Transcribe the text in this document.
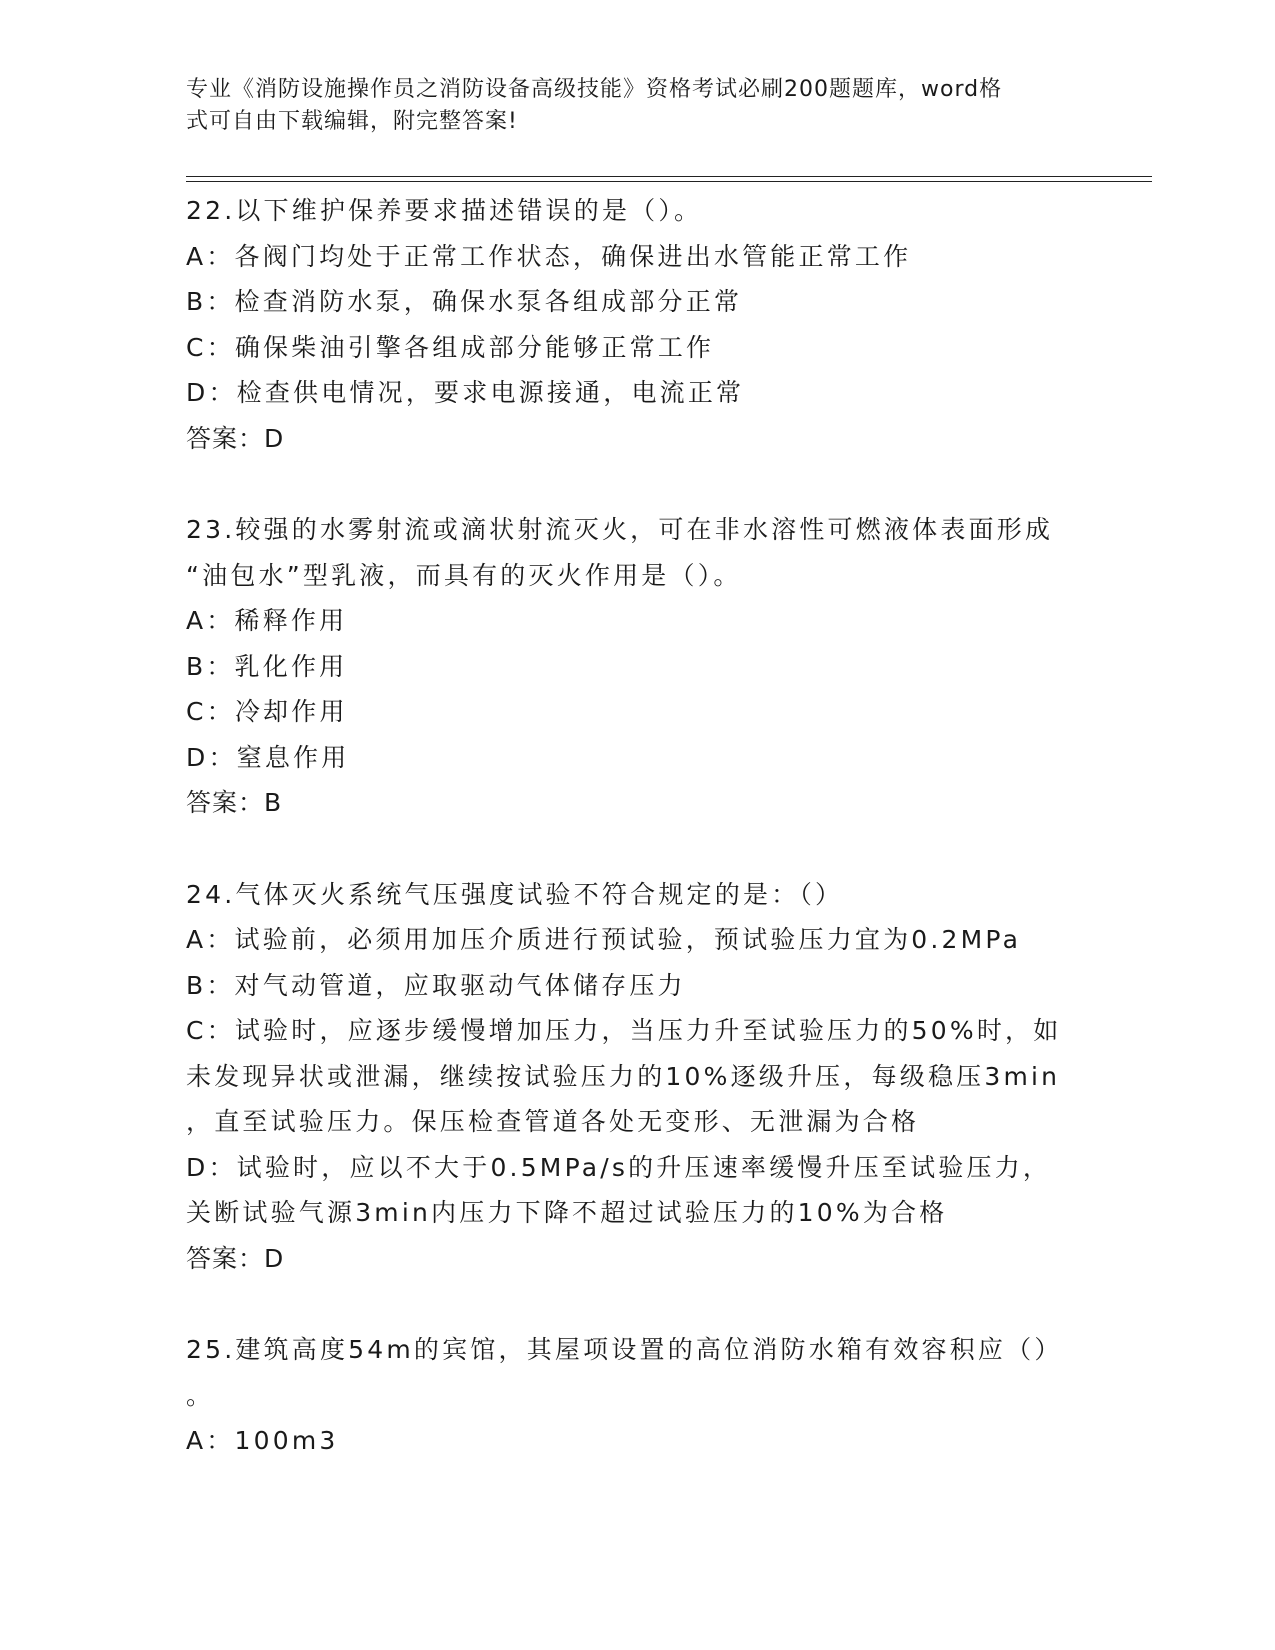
专业《消防设施操作员之消防设备高级技能》资格考试必刷200题题库，word格
式可自由下载编辑，附完整答案!
22.以下维护保养要求描述错误的是（）。
A：各阀门均处于正常工作状态，确保进出水管能正常工作
B：检查消防水泵，确保水泵各组成部分正常
C：确保柴油引擎各组成部分能够正常工作
D：检查供电情况，要求电源接通，电流正常
答案：D
23.较强的水雾射流或滴状射流灭火，可在非水溶性可燃液体表面形成
“油包水”型乳液，而具有的灭火作用是（）。
A：稀释作用
B：乳化作用
C：冷却作用
D：窒息作用
答案：B
24.气体灭火系统气压强度试验不符合规定的是：（）
A：试验前，必须用加压介质进行预试验，预试验压力宜为0.2MPa
B：对气动管道，应取驱动气体储存压力
C：试验时，应逐步缓慢增加压力，当压力升至试验压力的50%时，如
未发现异状或泄漏，继续按试验压力的10%逐级升压，每级稳压3min
，直至试验压力。保压检查管道各处无变形、无泄漏为合格
D：试验时，应以不大于0.5MPa/s的升压速率缓慢升压至试验压力，
关断试验气源3min内压力下降不超过试验压力的10%为合格
答案：D
25.建筑高度54m的宾馆，其屋项设置的高位消防水箱有效容积应（）
。
A：100m3
